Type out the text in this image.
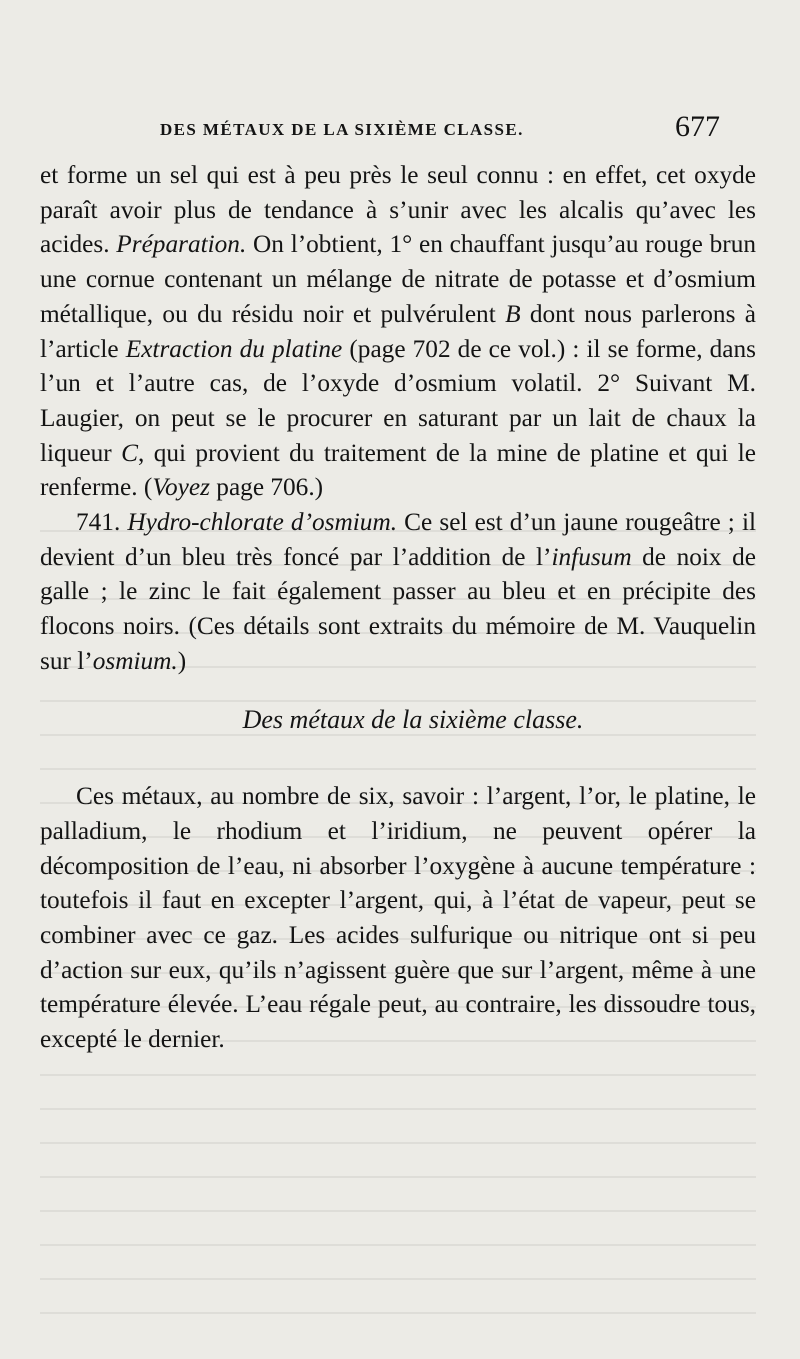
DES MÉTAUX DE LA SIXIÈME CLASSE.	677

et forme un sel qui est à peu près le seul connu : en effet, cet oxyde paraît avoir plus de tendance à s’unir avec les alcalis qu’avec les acides. Préparation. On l’obtient, 1° en chauffant jusqu’au rouge brun une cornue contenant un mélange de nitrate de potasse et d’osmium métallique, ou du résidu noir et pulvérulent B dont nous parlerons à l’article Extraction du platine (page 702 de ce vol.) : il se forme, dans l’un et l’autre cas, de l’oxyde d’osmium volatil. 2° Suivant M. Laugier, on peut se le procurer en saturant par un lait de chaux la liqueur C, qui provient du traitement de la mine de platine et qui le renferme. (Voyez page 706.)

741. Hydro-chlorate d’osmium. Ce sel est d’un jaune rougeâtre ; il devient d’un bleu très foncé par l’addition de l’infusum de noix de galle ; le zinc le fait également passer au bleu et en précipite des flocons noirs. (Ces détails sont extraits du mémoire de M. Vauquelin sur l’osmium.)

Des métaux de la sixième classe.

Ces métaux, au nombre de six, savoir : l’argent, l’or, le platine, le palladium, le rhodium et l’iridium, ne peuvent opérer la décomposition de l’eau, ni absorber l’oxygène à aucune température : toutefois il faut en excepter l’argent, qui, à l’état de vapeur, peut se combiner avec ce gaz. Les acides sulfurique ou nitrique ont si peu d’action sur eux, qu’ils n’agissent guère que sur l’argent, même à une température élevée. L’eau régale peut, au contraire, les dissoudre tous, excepté le dernier.
